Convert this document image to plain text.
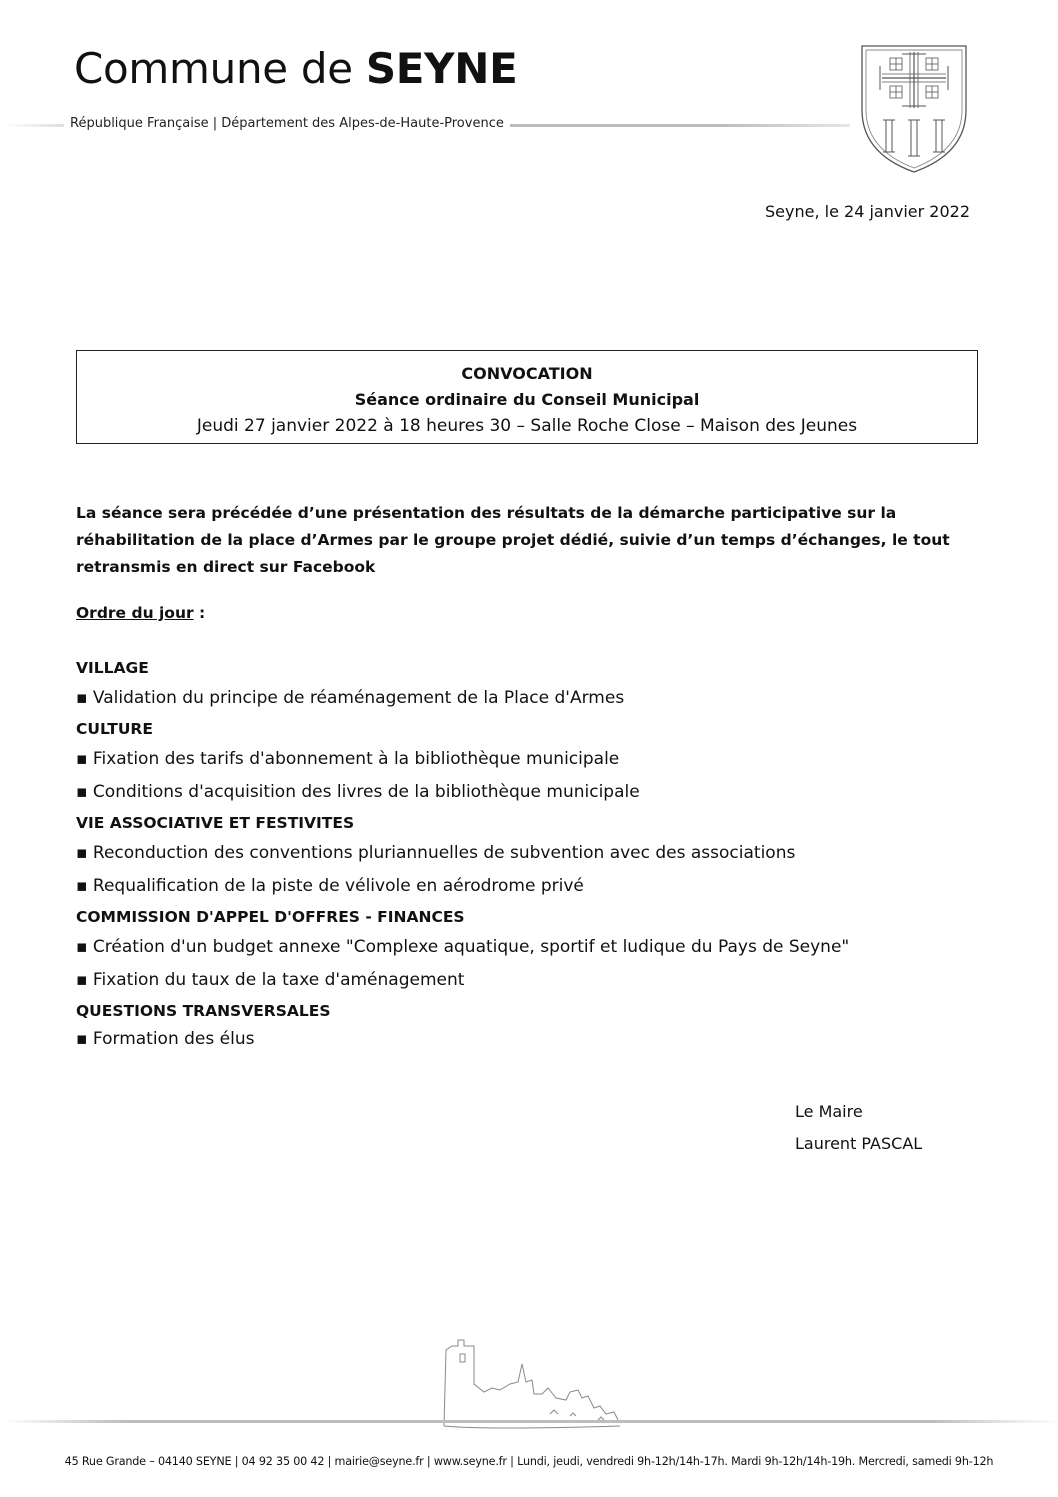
Commune de SEYNE
République Française | Département des Alpes-de-Haute-Provence
Seyne, le 24 janvier 2022
CONVOCATION
Séance ordinaire du Conseil Municipal
Jeudi 27 janvier 2022 à 18 heures 30 – Salle Roche Close – Maison des Jeunes
La séance sera précédée d’une présentation des résultats de la démarche participative sur la réhabilitation de la place d’Armes par le groupe projet dédié, suivie d’un temps d’échanges, le tout retransmis en direct sur Facebook
Ordre du jour :

VILLAGE

▪ Validation du principe de réaménagement de la Place d'Armes

CULTURE

▪ Fixation des tarifs d'abonnement à la bibliothèque municipale

▪ Conditions d'acquisition des livres de la bibliothèque municipale

VIE ASSOCIATIVE ET FESTIVITES

▪ Reconduction des conventions pluriannuelles de subvention avec des associations

▪ Requalification de la piste de vélivole en aérodrome privé

COMMISSION D'APPEL D'OFFRES - FINANCES

▪ Création d'un budget annexe "Complexe aquatique, sportif et ludique du Pays de Seyne"

▪ Fixation du taux de la taxe d'aménagement

QUESTIONS TRANSVERSALES

▪ Formation des élus

Le Maire
Laurent PASCAL
45 Rue Grande – 04140 SEYNE | 04 92 35 00 42 | mairie@seyne.fr | www.seyne.fr | Lundi, jeudi, vendredi 9h-12h/14h-17h. Mardi 9h-12h/14h-19h. Mercredi, samedi 9h-12h
